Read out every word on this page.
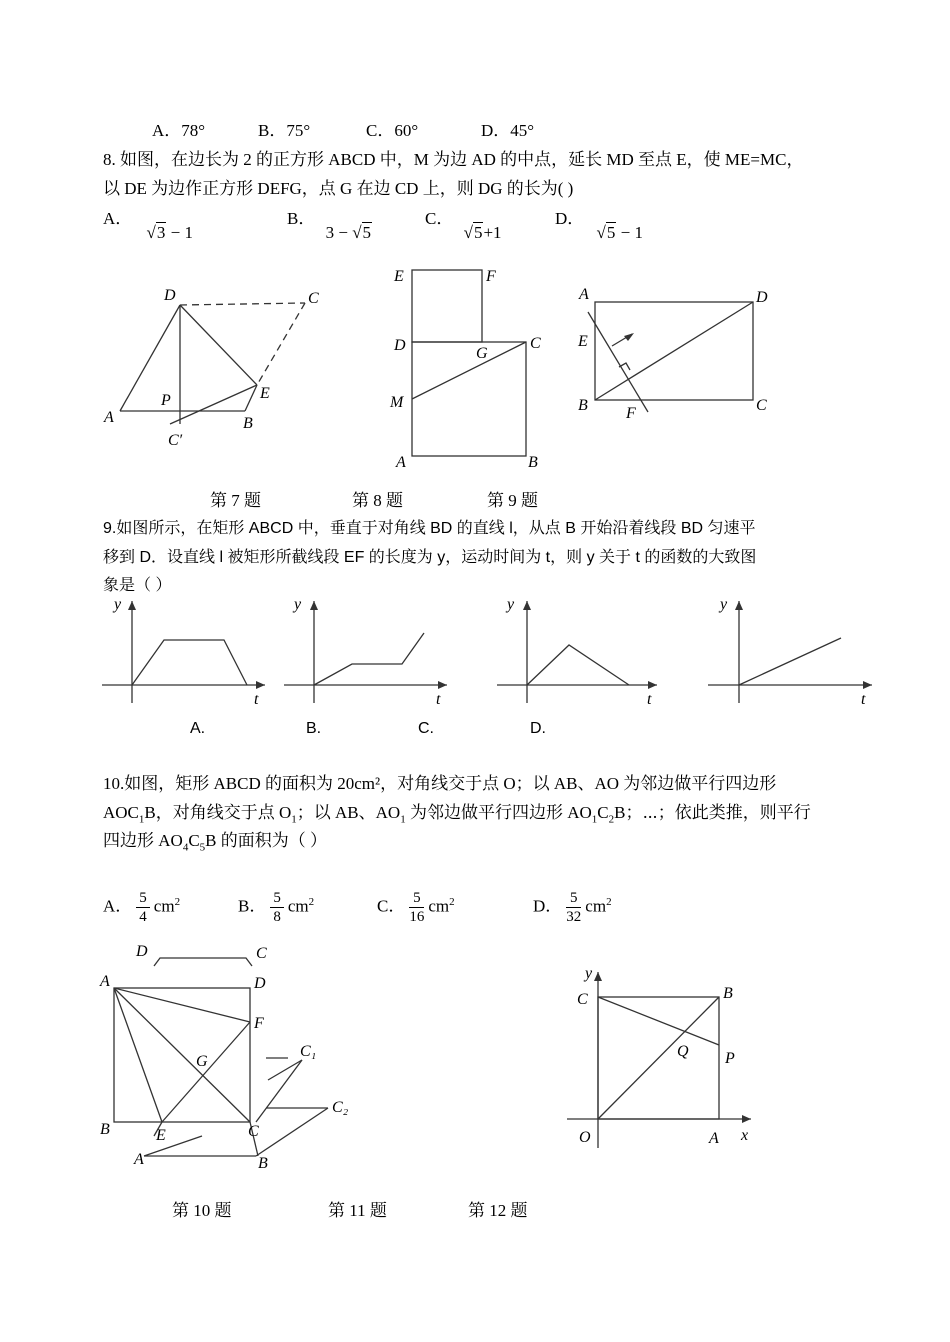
A．78°	B．75°	C．60°	D．45°
8. 如图，在边长为 2 的正方形 ABCD 中，M 为边 AD 的中点，延长 MD 至点 E，使 ME=MC，
以 DE 为边作正方形 DEFG，点 G 在边 CD 上，则 DG 的长为( )
A． √3 − 1
B． 3 − √5
C． √5+1
D． √5 − 1
D	C
P	E
A	B
C′
E	F
D	G
C
M
A	B
A	D
E
B F	C
第 7 题	第 8 题	第 9 题
9.如图所示，在矩形 ABCD 中，垂直于对角线 BD 的直线 l，从点 B 开始沿着线段 BD 匀速平
移到 D．设直线 l 被矩形所截线段 EF 的长度为 y，运动时间为 t，则 y 关于 t 的函数的大致图
象是（ ）
y
t
y
t
y
t
y
t
A.	B.	C.	D.
10.如图，矩形 ABCD 的面积为 20cm²，对角线交于点 O；以 AB、AO 为邻边做平行四边形
$AOC_1B$，对角线交于点 $O_1$；以 AB、$AO_1$ 为邻边做平行四边形 $AO_1C_2B$；⋯；依此类推，则平行
四边形 $AO_4C_5B$ 的面积为（ ）
A． $\frac{5}{4} cm^2$	B． $\frac{5}{8} cm^2$	C． $\frac{5}{16} cm^2$	D． $\frac{5}{32} cm^2$
D	C
A	D
F
G
B	E	C
A	B
C₁
C₂
y
C	B
Q P
O	A x
第 10 题	第 11 题	第 12 题
